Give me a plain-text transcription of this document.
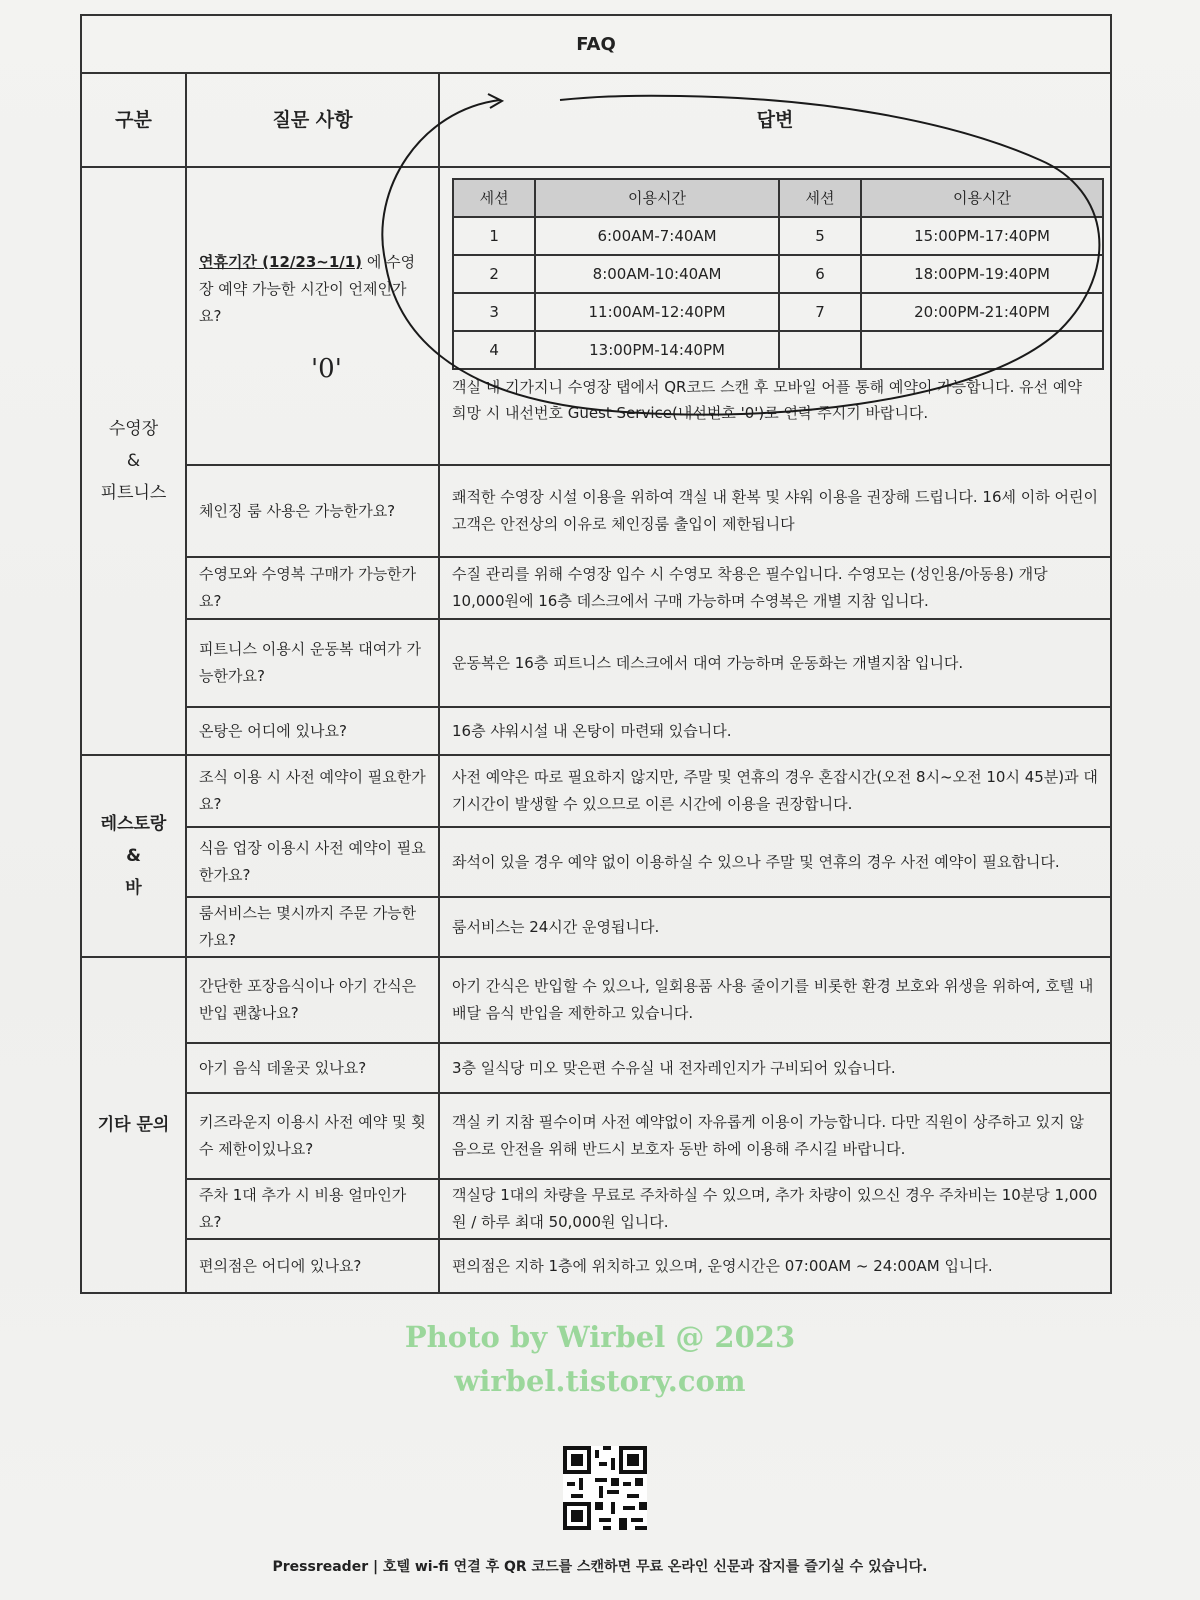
FAQ
구분	질문 사항	답변

수영장
&
피트니스
	연휴기간 (12/23~1/1) 에 수영장 예약 가능한 시간이 언제인가요?
'0'

세션	이용시간	세션	이용시간
1	6:00AM-7:40AM	5	15:00PM-17:40PM
2	8:00AM-10:40AM	6	18:00PM-19:40PM
3	11:00AM-12:40PM	7	20:00PM-21:40PM
4	13:00PM-14:40PM		
객실 내 기가지니 수영장 탭에서 QR코드 스캔 후 모바일 어플 통해 예약이 가능합니다. 유선 예약 희망 시 내선번호 Guest Service(내선번호 '0')로 연락 주시기 바랍니다.

체인징 룸 사용은 가능한가요?	쾌적한 수영장 시설 이용을 위하여 객실 내 환복 및 샤워 이용을 권장해 드립니다. 16세 이하 어린이 고객은 안전상의 이유로 체인징룸 출입이 제한됩니다
수영모와 수영복 구매가 가능한가요?	수질 관리를 위해 수영장 입수 시 수영모 착용은 필수입니다. 수영모는 (성인용/아동용) 개당 10,000원에 16층 데스크에서 구매 가능하며 수영복은 개별 지참 입니다.
피트니스 이용시 운동복 대여가 가능한가요?	운동복은 16층 피트니스 데스크에서 대여 가능하며 운동화는 개별지참 입니다.
온탕은 어디에 있나요?	16층 샤워시설 내 온탕이 마련돼 있습니다.

레스토랑
&
바
	조식 이용 시 사전 예약이 필요한가요?	사전 예약은 따로 필요하지 않지만, 주말 및 연휴의 경우 혼잡시간(오전 8시~오전 10시 45분)과 대기시간이 발생할 수 있으므로 이른 시간에 이용을 권장합니다.
식음 업장 이용시 사전 예약이 필요한가요?	좌석이 있을 경우 예약 없이 이용하실 수 있으나 주말 및 연휴의 경우 사전 예약이 필요합니다.
룸서비스는 몇시까지 주문 가능한가요?	룸서비스는 24시간 운영됩니다.

기타 문의
	간단한 포장음식이나 아기 간식은 반입 괜찮나요?	아기 간식은 반입할 수 있으나, 일회용품 사용 줄이기를 비롯한 환경 보호와 위생을 위하여, 호텔 내 배달 음식 반입을 제한하고 있습니다.
아기 음식 데울곳 있나요?	3층 일식당 미오 맞은편 수유실 내 전자레인지가 구비되어 있습니다.
키즈라운지 이용시 사전 예약 및 횟수 제한이있나요?	객실 키 지참 필수이며 사전 예약없이 자유롭게 이용이 가능합니다. 다만 직원이 상주하고 있지 않음으로 안전을 위해 반드시 보호자 동반 하에 이용해 주시길 바랍니다.
주차 1대 추가 시 비용 얼마인가요?	객실당 1대의 차량을 무료로 주차하실 수 있으며, 추가 차량이 있으신 경우 주차비는 10분당 1,000원 / 하루 최대 50,000원 입니다.
편의점은 어디에 있나요?	편의점은 지하 1층에 위치하고 있으며, 운영시간은 07:00AM ~ 24:00AM 입니다.
Photo by Wirbel @ 2023
wirbel.tistory.com
Pressreader | 호텔 wi-fi 연결 후 QR 코드를 스캔하면 무료 온라인 신문과 잡지를 즐기실 수 있습니다.
